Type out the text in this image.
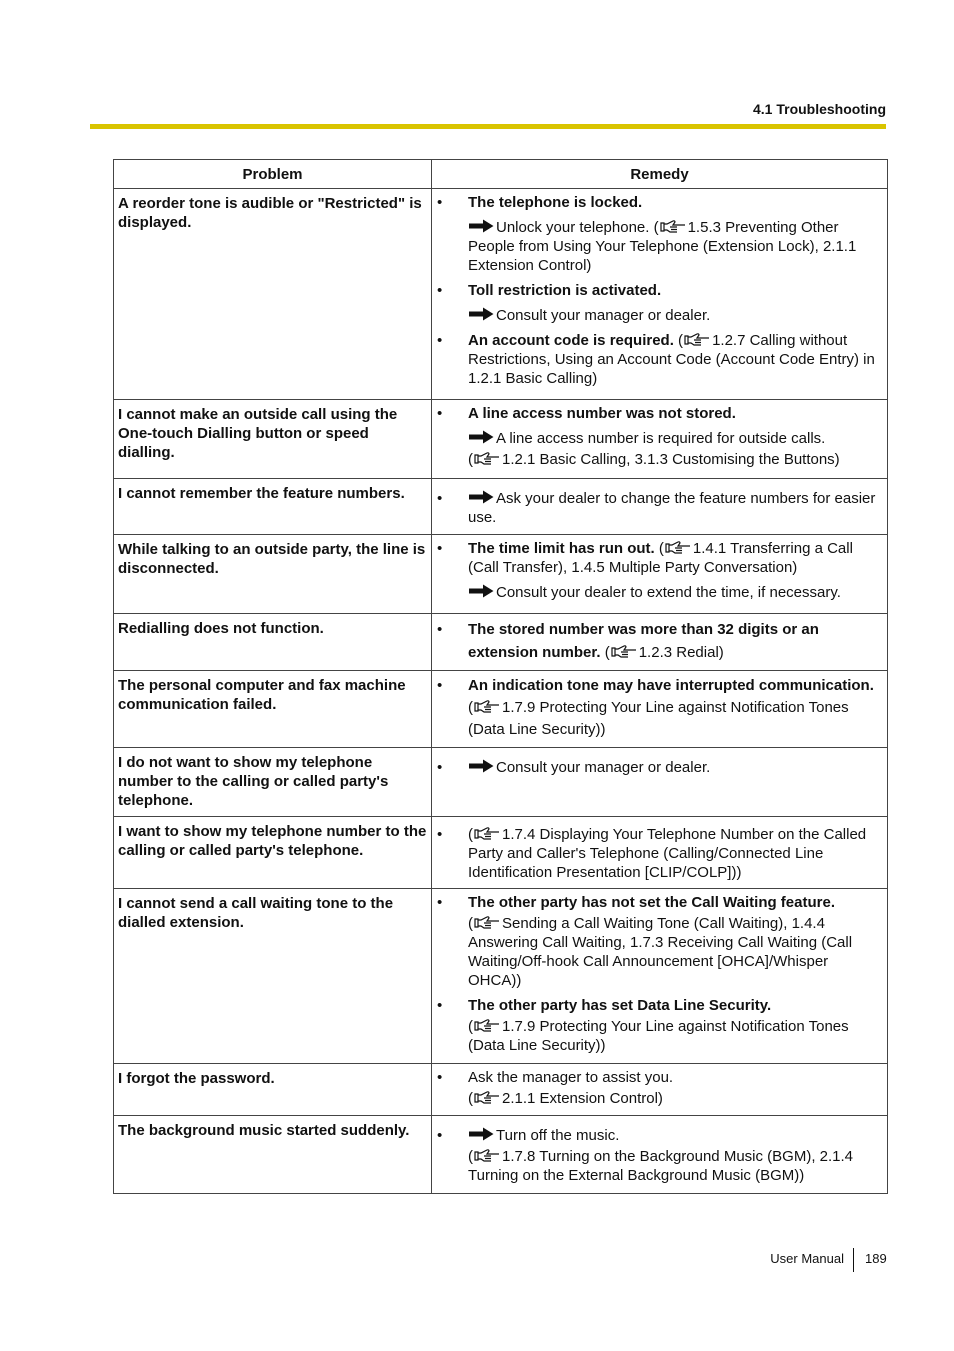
4.1 Troubleshooting
Problem	Remedy
A reorder tone is audible or "Restricted" is displayed.	• The telephone is locked.
Unlock your telephone. ( 1.5.3 Preventing Other People from Using Your Telephone (Extension Lock), 2.1.1 Extension Control)
• Toll restriction is activated.
Consult your manager or dealer.
• An account code is required. ( 1.2.7 Calling without Restrictions, Using an Account Code (Account Code Entry) in 1.2.1 Basic Calling)

I cannot make an outside call using the One-touch Dialling button or speed dialling.	• A line access number was not stored.
A line access number is required for outside calls.
( 1.2.1 Basic Calling, 3.1.3 Customising the Buttons)

I cannot remember the feature numbers.	• Ask your dealer to change the feature numbers for easier use.

While talking to an outside party, the line is disconnected.	• The time limit has run out. ( 1.4.1 Transferring a Call (Call Transfer), 1.4.5 Multiple Party Conversation)
Consult your dealer to extend the time, if necessary.

Redialling does not function.	• The stored number was more than 32 digits or an extension number. ( 1.2.3 Redial)

The personal computer and fax machine communication failed.	• An indication tone may have interrupted communication. ( 1.7.9 Protecting Your Line against Notification Tones (Data Line Security))

I do not want to show my telephone number to the calling or called party's telephone.	• Consult your manager or dealer.

I want to show my telephone number to the calling or called party's telephone.	• ( 1.7.4 Displaying Your Telephone Number on the Called Party and Caller's Telephone (Calling/Connected Line Identification Presentation [CLIP/COLP]))

I cannot send a call waiting tone to the dialled extension.	• The other party has not set the Call Waiting feature.
( Sending a Call Waiting Tone (Call Waiting), 1.4.4 Answering Call Waiting, 1.7.3 Receiving Call Waiting (Call Waiting/Off-hook Call Announcement [OHCA]/Whisper OHCA))
• The other party has set Data Line Security.
( 1.7.9 Protecting Your Line against Notification Tones (Data Line Security))

I forgot the password.	• Ask the manager to assist you.
( 2.1.1 Extension Control)

The background music started suddenly.	• Turn off the music.
( 1.7.8 Turning on the Background Music (BGM), 2.1.4 Turning on the External Background Music (BGM))
User Manual 189
